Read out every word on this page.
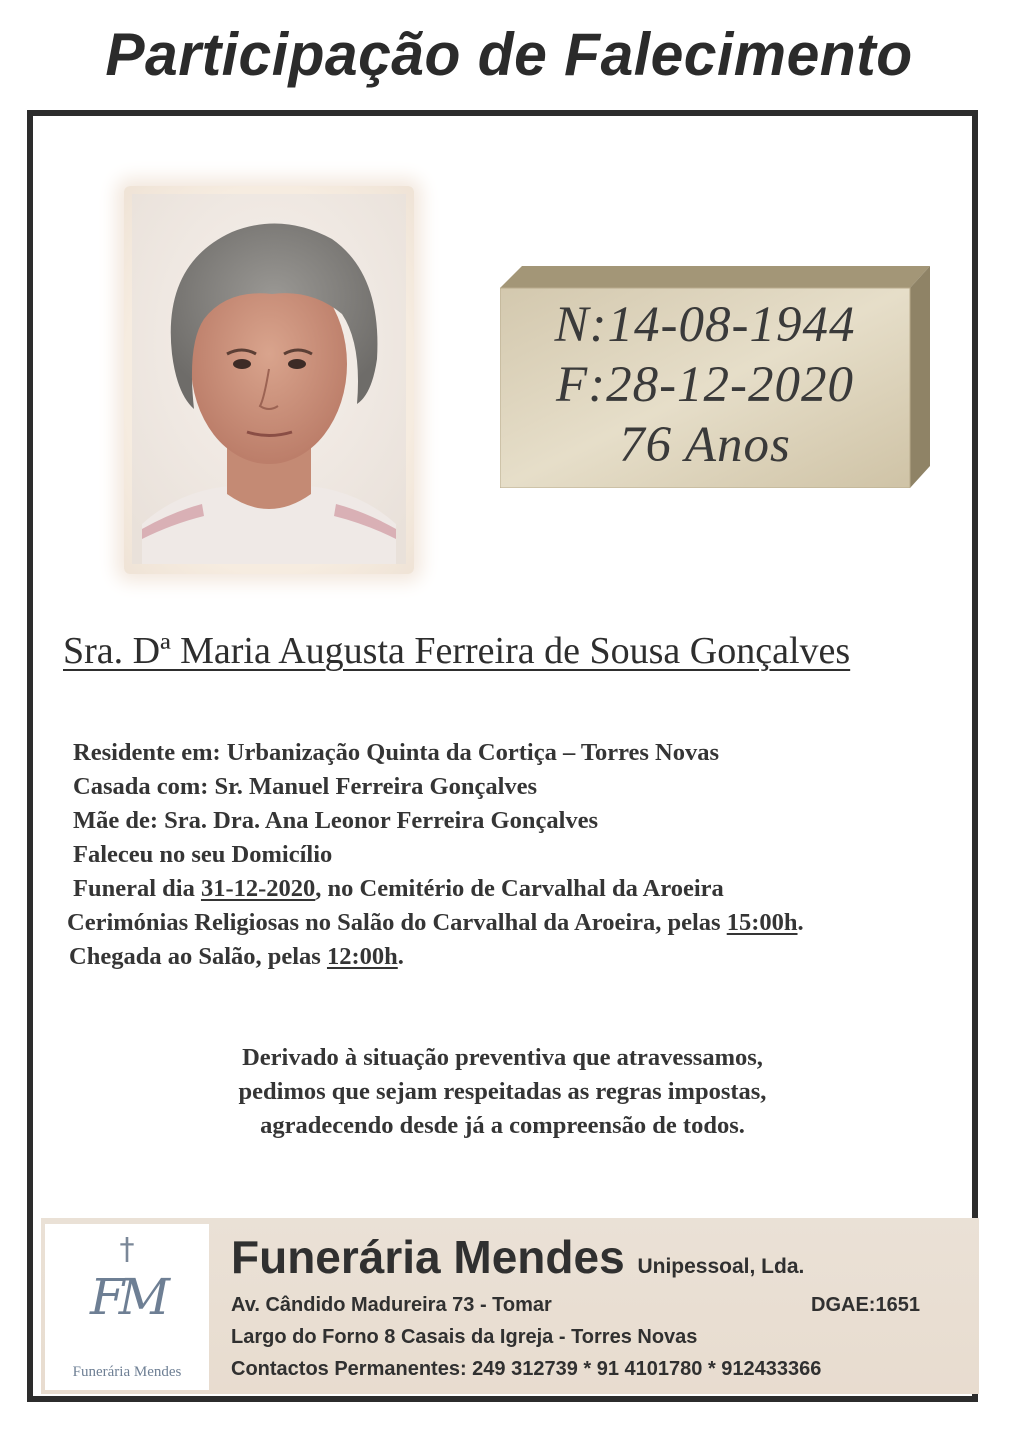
Participação de Falecimento
N:14-08-1944
F:28-12-2020
76 Anos
Sra. Dª Maria Augusta Ferreira de Sousa Gonçalves
Residente em: Urbanização Quinta da Cortiça – Torres Novas
Casada com: Sr. Manuel Ferreira Gonçalves
Mãe de: Sra. Dra. Ana Leonor Ferreira Gonçalves
Faleceu no seu Domicílio
Funeral dia 31-12-2020, no Cemitério de Carvalhal da Aroeira
Cerimónias Religiosas no Salão do Carvalhal da Aroeira, pelas 15:00h.
Chegada ao Salão, pelas 12:00h.
Derivado à situação preventiva que atravessamos,
pedimos que sejam respeitadas as regras impostas,
agradecendo desde já a compreensão de todos.
†
FM
Funerária Mendes
Funerária Mendes Unipessoal, Lda.
Av. Cândido Madureira 73 - Tomar	DGAE:1651
Largo do Forno 8 Casais da Igreja - Torres Novas
Contactos Permanentes: 249 312739 * 91 4101780 * 912433366
